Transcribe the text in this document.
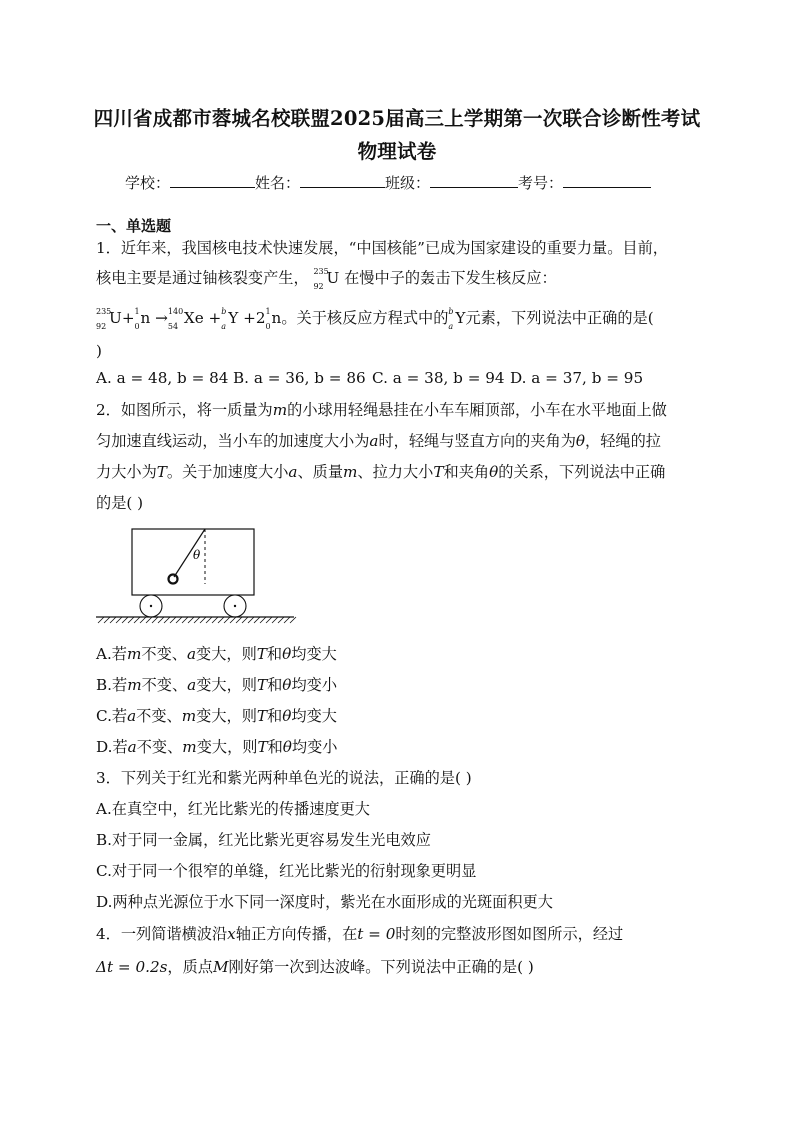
四川省成都市蓉城名校联盟2025届高三上学期第一次联合诊断性考试
物理试卷
学校：	姓名：	班级：	考号：
一、单选题
1．近年来，我国核电技术快速发展，“中国核能”已成为国家建设的重要力量。目前，
核电主要是通过铀核裂变产生， 235
92 U 在慢中子的轰击下发生核反应：
235
92 U+ 1
0 n → 140
54 Xe + b
a Y +2 1
0 n。关于核反应方程式中的 b
a Y元素，下列说法中正确的是(
)
A. a = 48, b = 84 B. a = 36, b = 86 C. a = 38, b = 94 D. a = 37, b = 95
2．如图所示，将一质量为m的小球用轻绳悬挂在小车车厢顶部，小车在水平地面上做
匀加速直线运动，当小车的加速度大小为a时，轻绳与竖直方向的夹角为θ，轻绳的拉
力大小为T。关于加速度大小a、质量m、拉力大小T和夹角θ的关系，下列说法中正确
的是( )
θ
A.若m不变、a变大，则T和θ均变大
B.若m不变、a变大，则T和θ均变小
C.若a不变、m变大，则T和θ均变大
D.若a不变、m变大，则T和θ均变小
3．下列关于红光和紫光两种单色光的说法，正确的是( )
A.在真空中，红光比紫光的传播速度更大
B.对于同一金属，红光比紫光更容易发生光电效应
C.对于同一个很窄的单缝，红光比紫光的衍射现象更明显
D.两种点光源位于水下同一深度时，紫光在水面形成的光斑面积更大
4．一列简谐横波沿x轴正方向传播，在t = 0时刻的完整波形图如图所示，经过
Δt = 0.2s，质点M刚好第一次到达波峰。下列说法中正确的是( )
